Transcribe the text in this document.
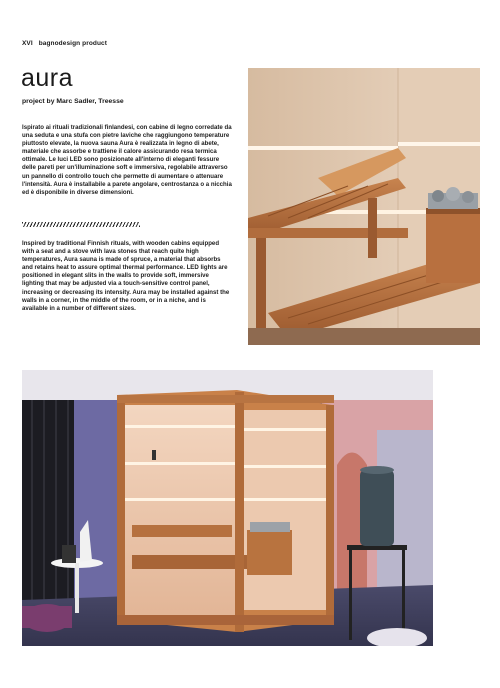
XVI bagnodesign product
aura
project by Marc Sadler, Treesse

Ispirato ai rituali tradizionali finlandesi, con cabine di legno corredate da una seduta e una stufa con pietre laviche che raggiungono temperature piuttosto elevate, la nuova sauna Aura è realizzata in legno di abete, materiale che assorbe e trattiene il calore assicurando resa termica ottimale. Le luci LED sono posizionate all'interno di eleganti fessure delle pareti per un'illuminazione soft e immersiva, regolabile attraverso un pannello di controllo touch che permette di aumentare o attenuare l'intensità. Aura è installabile a parete angolare, centrostanza o a nicchia ed è disponibile in diverse dimensioni.

Inspired by traditional Finnish rituals, with wooden cabins equipped with a seat and a stove with lava stones that reach quite high temperatures, Aura sauna is made of spruce, a material that absorbs and retains heat to assure optimal thermal performance. LED lights are positioned in elegant slits in the walls to provide soft, immersive lighting that may be adjusted via a touch-sensitive control panel, increasing or decreasing its intensity. Aura may be installed against the walls in a corner, in the middle of the room, or in a niche, and is available in a number of different sizes.
